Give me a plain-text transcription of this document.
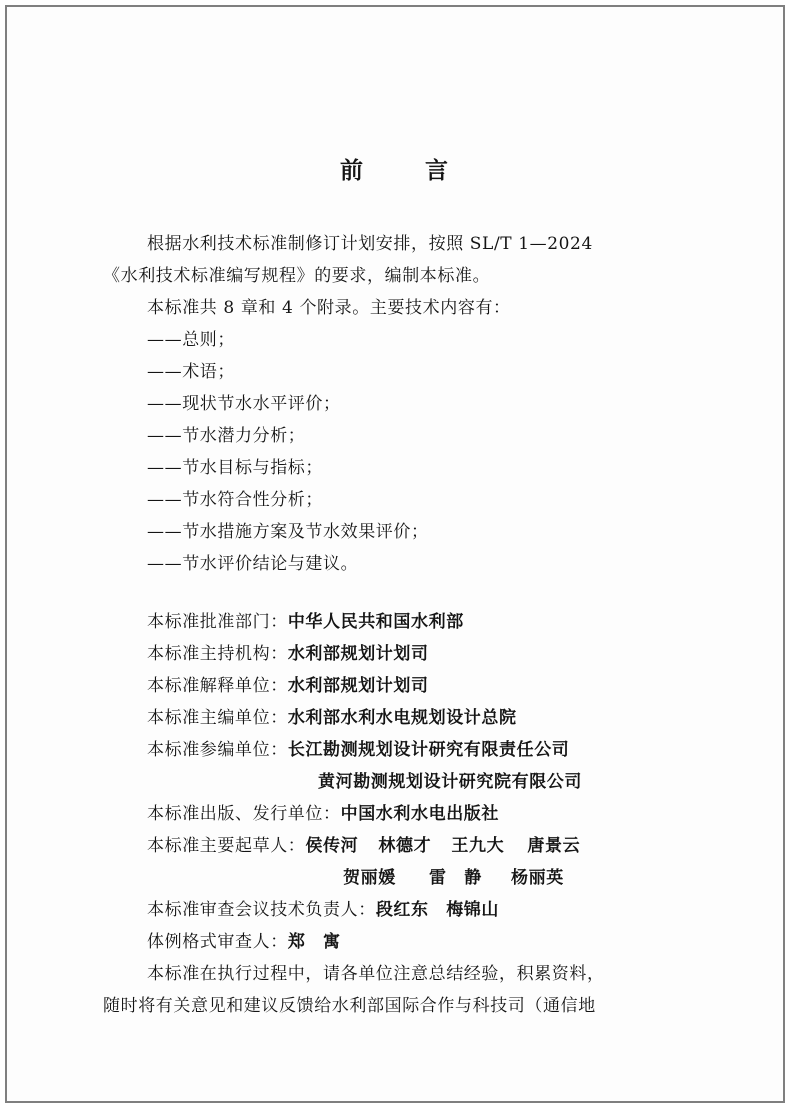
前	言
根据水利技术标准制修订计划安排，按照 SL/T 1—2024
《水利技术标准编写规程》的要求，编制本标准。
本标准共 8 章和 4 个附录。主要技术内容有：
——总则；
——术语；
——现状节水水平评价；
——节水潜力分析；
——节水目标与指标；
——节水符合性分析；
——节水措施方案及节水效果评价；
——节水评价结论与建议。
本标准批准部门：中华人民共和国水利部
本标准主持机构：水利部规划计划司
本标准解释单位：水利部规划计划司
本标准主编单位：水利部水利水电规划设计总院
本标准参编单位：长江勘测规划设计研究有限责任公司
黄河勘测规划设计研究院有限公司
本标准出版、发行单位：中国水利水电出版社
本标准主要起草人：侯传河 林德才 王九大 唐景云
贺丽媛 雷　静 杨丽英
本标准审查会议技术负责人：段红东　梅锦山
体例格式审查人：郑　寓
本标准在执行过程中，请各单位注意总结经验，积累资料，
随时将有关意见和建议反馈给水利部国际合作与科技司（通信地
